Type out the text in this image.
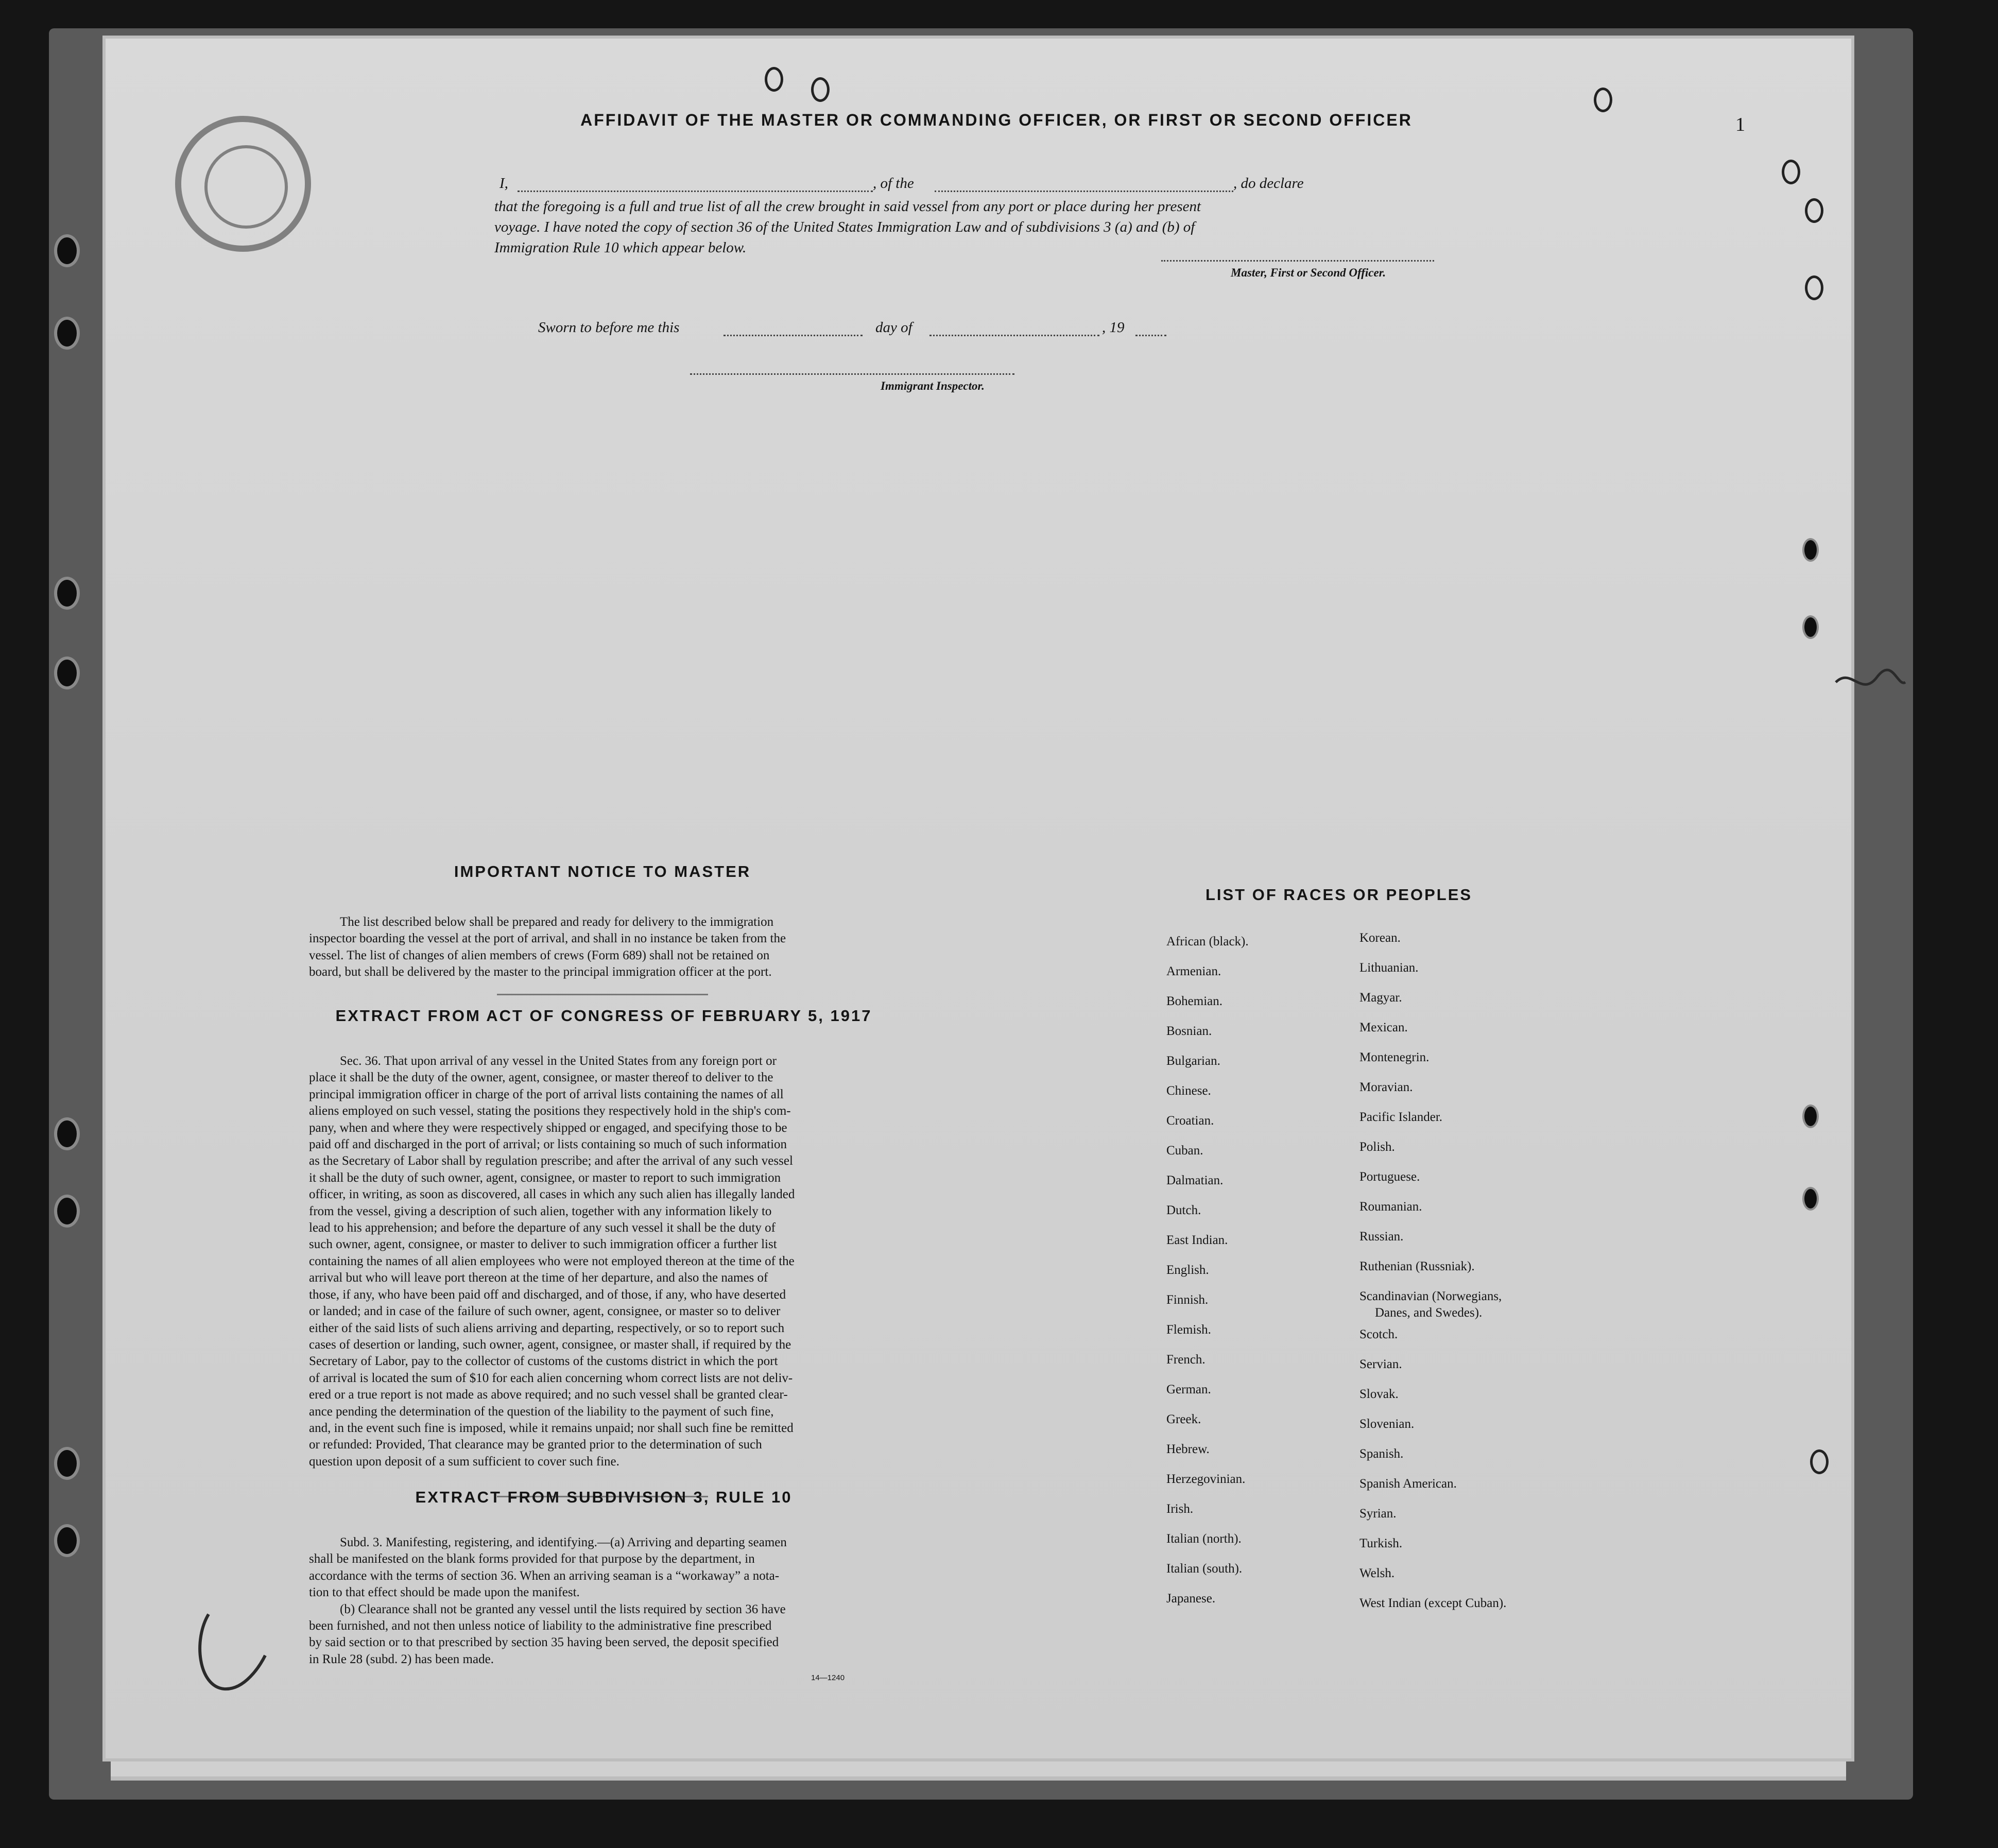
AFFIDAVIT OF THE MASTER OR COMMANDING OFFICER, OR FIRST OR SECOND OFFICER	1
I,	, of the	, do declare
that the foregoing is a full and true list of all the crew brought in said vessel from any port or place during her present
voyage. I have noted the copy of section 36 of the United States Immigration Law and of subdivisions 3 (a) and (b) of
Immigration Rule 10 which appear below.
Master, First or Second Officer.
Sworn to before me this	day of	, 19
Immigrant Inspector.
IMPORTANT NOTICE TO MASTER
The list described below shall be prepared and ready for delivery to the immigration
inspector boarding the vessel at the port of arrival, and shall in no instance be taken from the
vessel. The list of changes of alien members of crews (Form 689) shall not be retained on
board, but shall be delivered by the master to the principal immigration officer at the port.
EXTRACT FROM ACT OF CONGRESS OF FEBRUARY 5, 1917
Sec. 36. That upon arrival of any vessel in the United States from any foreign port or
place it shall be the duty of the owner, agent, consignee, or master thereof to deliver to the
principal immigration officer in charge of the port of arrival lists containing the names of all
aliens employed on such vessel, stating the positions they respectively hold in the ship's com-
pany, when and where they were respectively shipped or engaged, and specifying those to be
paid off and discharged in the port of arrival; or lists containing so much of such information
as the Secretary of Labor shall by regulation prescribe; and after the arrival of any such vessel
it shall be the duty of such owner, agent, consignee, or master to report to such immigration
officer, in writing, as soon as discovered, all cases in which any such alien has illegally landed
from the vessel, giving a description of such alien, together with any information likely to
lead to his apprehension; and before the departure of any such vessel it shall be the duty of
such owner, agent, consignee, or master to deliver to such immigration officer a further list
containing the names of all alien employees who were not employed thereon at the time of the
arrival but who will leave port thereon at the time of her departure, and also the names of
those, if any, who have been paid off and discharged, and of those, if any, who have deserted
or landed; and in case of the failure of such owner, agent, consignee, or master so to deliver
either of the said lists of such aliens arriving and departing, respectively, or so to report such
cases of desertion or landing, such owner, agent, consignee, or master shall, if required by the
Secretary of Labor, pay to the collector of customs of the customs district in which the port
of arrival is located the sum of $10 for each alien concerning whom correct lists are not deliv-
ered or a true report is not made as above required; and no such vessel shall be granted clear-
ance pending the determination of the question of the liability to the payment of such fine,
and, in the event such fine is imposed, while it remains unpaid; nor shall such fine be remitted
or refunded: Provided, That clearance may be granted prior to the determination of such
question upon deposit of a sum sufficient to cover such fine.
EXTRACT FROM SUBDIVISION 3, RULE 10
Subd. 3. Manifesting, registering, and identifying.—(a) Arriving and departing seamen
shall be manifested on the blank forms provided for that purpose by the department, in
accordance with the terms of section 36. When an arriving seaman is a “workaway” a nota-
tion to that effect should be made upon the manifest.
(b) Clearance shall not be granted any vessel until the lists required by section 36 have
been furnished, and not then unless notice of liability to the administrative fine prescribed
by said section or to that prescribed by section 35 having been served, the deposit specified
in Rule 28 (subd. 2) has been made.
14—1240
LIST OF RACES OR PEOPLES
African (black).
Armenian.
Bohemian.
Bosnian.
Bulgarian.
Chinese.
Croatian.
Cuban.
Dalmatian.
Dutch.
East Indian.
English.
Finnish.
Flemish.
French.
German.
Greek.
Hebrew.
Herzegovinian.
Irish.
Italian (north).
Italian (south).
Japanese.
Korean.
Lithuanian.
Magyar.
Mexican.
Montenegrin.
Moravian.
Pacific Islander.
Polish.
Portuguese.
Roumanian.
Russian.
Ruthenian (Russniak).
Scandinavian (Norwegians,
Danes, and Swedes).
Scotch.
Servian.
Slovak.
Slovenian.
Spanish.
Spanish American.
Syrian.
Turkish.
Welsh.
West Indian (except Cuban).
